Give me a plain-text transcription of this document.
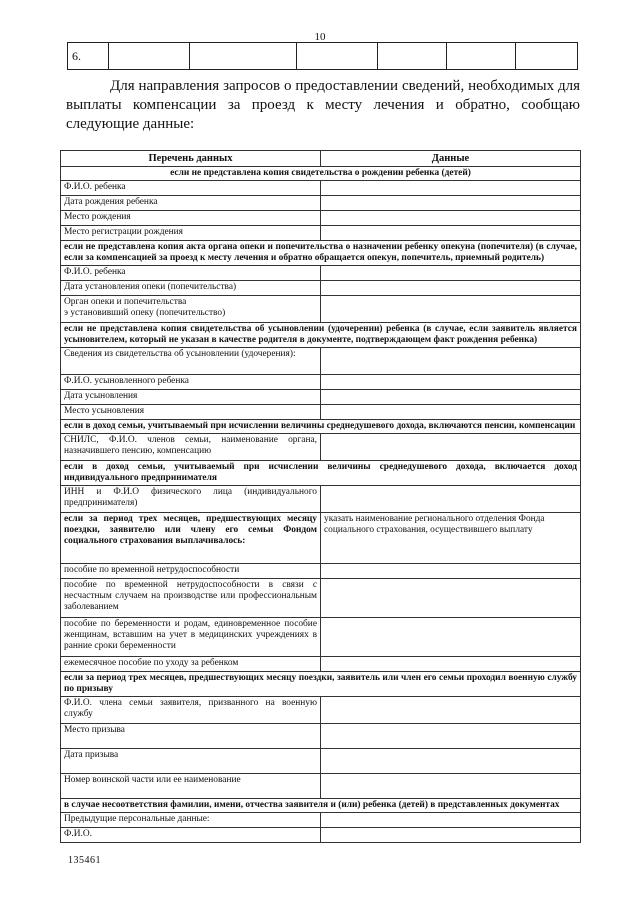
10
6.						
Для направления запросов о предоставлении сведений, необходимых для выплаты компенсации за проезд к месту лечения и обратно, сообщаю следующие данные:
Перечень данных	Данные
если не представлена копия свидетельства о рождении ребенка (детей)	
Ф.И.О. ребенка	
Дата рождения ребенка	
Место рождения	
Место регистрации рождения	
если не представлена копия акта органа опеки и попечительства о назначении ребенку опекуна (попечителя) (в случае, если за компенсацией за проезд к месту лечения и обратно обращается опекун, попечитель, приемный родитель)	
Ф.И.О. ребенка	
Дата установления опеки (попечительства)	
Орган опеки и попечительства
э установивший опеку (попечительство)	
если не представлена копия свидетельства об усыновлении (удочерении) ребенка (в случае, если заявитель является усыновителем, который не указан в качестве родителя в документе, подтверждающем факт рождения ребенка)	
Сведения из свидетельства об усыновлении (удочерения):	
Ф.И.О. усыновленного ребенка	
Дата усыновления	
Место усыновления	
если в доход семьи, учитываемый при исчислении величины среднедушевого дохода, включаются пенсии, компенсации	
СНИЛС, Ф.И.О. членов семьи, наименование органа, назначившего пенсию, компенсацию	
если в доход семьи, учитываемый при исчислении величины среднедушевого дохода, включается доход индивидуального предпринимателя	
ИНН и Ф.И.О физического лица (индивидуального предпринимателя)	
если за период трех месяцев, предшествующих месяцу поездки, заявителю или члену его семьи Фондом социального страхования выплачивалось:	указать наименование регионального отделения Фонда социального страхования, осуществившего выплату
пособие по временной нетрудоспособности	
пособие по временной нетрудоспособности в связи с несчастным случаем на производстве или профессиональным заболеванием	
пособие по беременности и родам, единовременное пособие женщинам, вставшим на учет в медицинских учреждениях в ранние сроки беременности	
ежемесячное пособие по уходу за ребенком	
если за период трех месяцев, предшествующих месяцу поездки, заявитель или член его семьи проходил военную службу по призыву	
Ф.И.О. члена семьи заявителя, призванного на военную службу	
Место призыва	
Дата призыва	
Номер воинской части или ее наименование	
в случае несоответствия фамилии, имени, отчества заявителя и (или) ребенка (детей) в представленных документах	
Предыдущие персональные данные:	
Ф.И.О.	
135461
